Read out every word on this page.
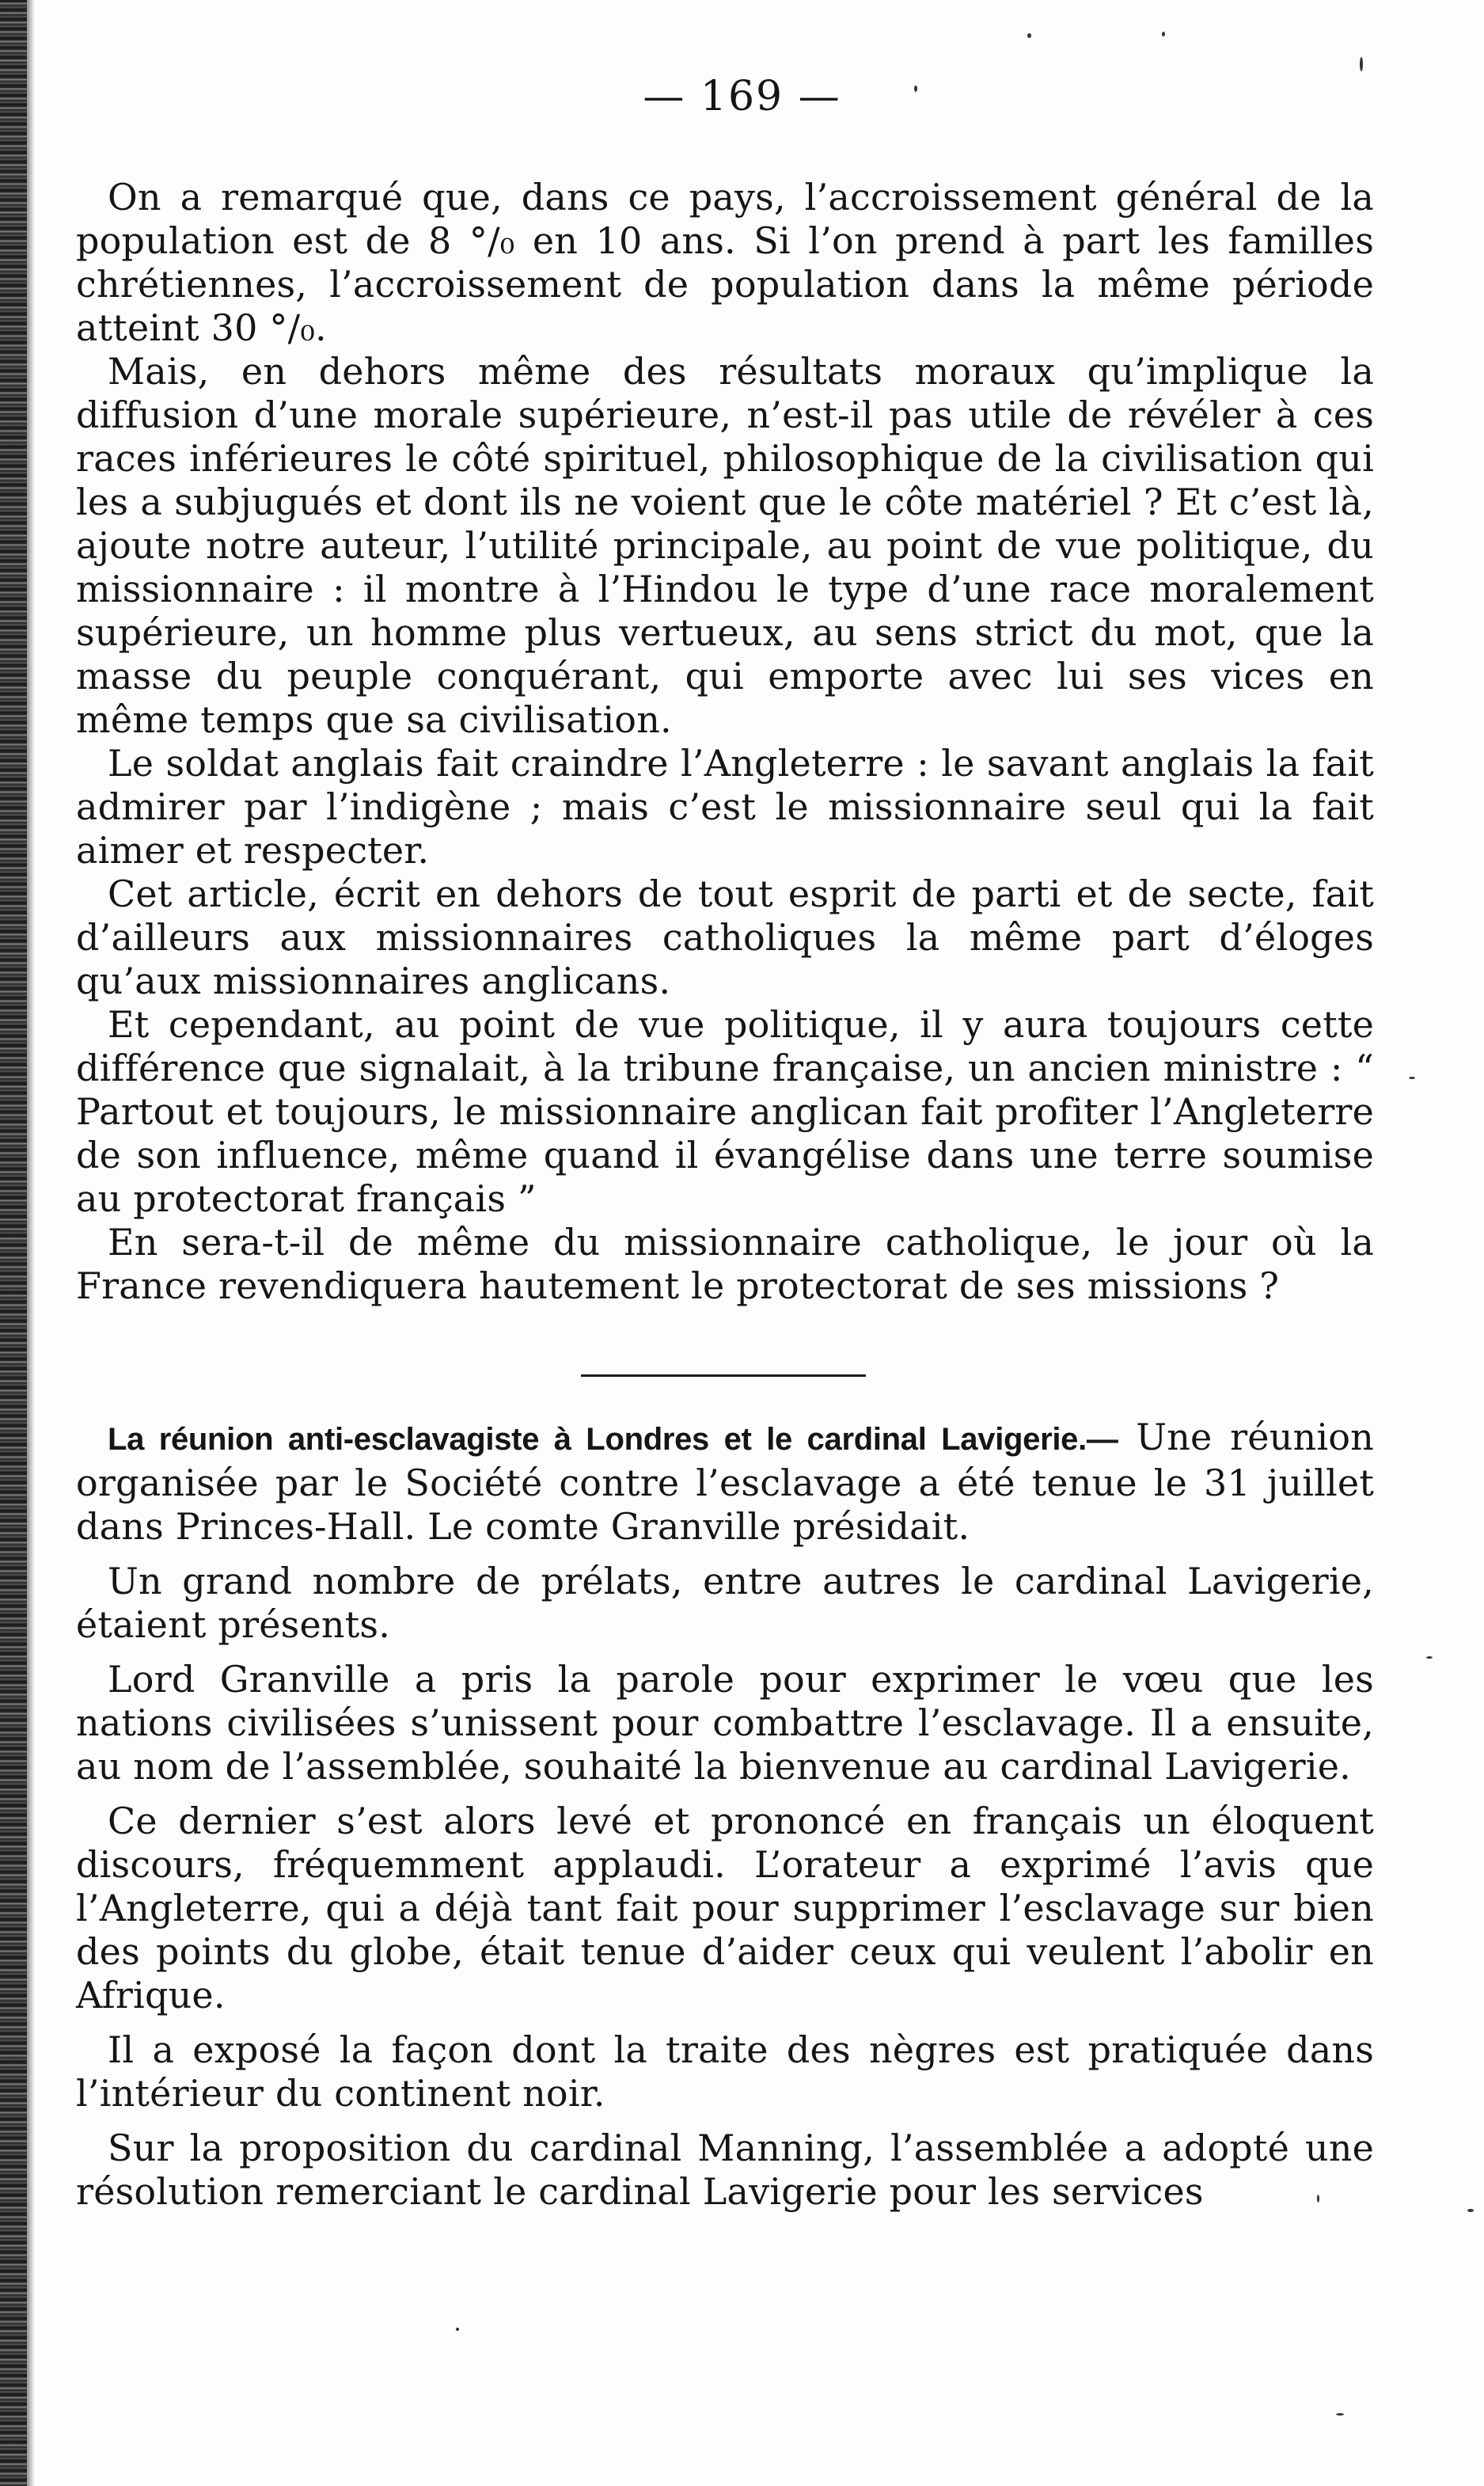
— 169 —

On a remarqué que, dans ce pays, l’accroissement général de la population est de 8 °/₀ en 10 ans. Si l’on prend à part les familles chrétiennes, l’accroissement de population dans la même période atteint 30 °/₀.

Mais, en dehors même des résultats moraux qu’implique la diffusion d’une morale supérieure, n’est-il pas utile de révéler à ces races inférieures le côté spirituel, philosophique de la civilisation qui les a subjugués et dont ils ne voient que le côte matériel ? Et c’est là, ajoute notre auteur, l’utilité principale, au point de vue politique, du missionnaire : il montre à l’Hindou le type d’une race moralement supérieure, un homme plus vertueux, au sens strict du mot, que la masse du peuple conquérant, qui emporte avec lui ses vices en même temps que sa civilisation.

Le soldat anglais fait craindre l’Angleterre : le savant anglais la fait admirer par l’indigène ; mais c’est le missionnaire seul qui la fait aimer et respecter.

Cet article, écrit en dehors de tout esprit de parti et de secte, fait d’ailleurs aux missionnaires catholiques la même part d’éloges qu’aux missionnaires anglicans.

Et cependant, au point de vue politique, il y aura toujours cette différence que signalait, à la tribune française, un ancien ministre : “ Partout et toujours, le missionnaire anglican fait profiter l’Angleterre de son influence, même quand il évangélise dans une terre soumise au protectorat français ”

En sera-t-il de même du missionnaire catholique, le jour où la France revendiquera hautement le protectorat de ses missions ?

La réunion anti-esclavagiste à Londres et le cardinal Lavigerie.— Une réunion organisée par le Société contre l’esclavage a été tenue le 31 juillet dans Princes-Hall. Le comte Granville présidait.

Un grand nombre de prélats, entre autres le cardinal Lavigerie, étaient présents.

Lord Granville a pris la parole pour exprimer le vœu que les nations civilisées s’unissent pour combattre l’esclavage. Il a ensuite, au nom de l’assemblée, souhaité la bienvenue au cardinal Lavigerie.

Ce dernier s’est alors levé et prononcé en français un éloquent discours, fréquemment applaudi. L’orateur a exprimé l’avis que l’Angleterre, qui a déjà tant fait pour supprimer l’esclavage sur bien des points du globe, était tenue d’aider ceux qui veulent l’abolir en Afrique.

Il a exposé la façon dont la traite des nègres est pratiquée dans l’intérieur du continent noir.

Sur la proposition du cardinal Manning, l’assemblée a adopté une résolution remerciant le cardinal Lavigerie pour les services
